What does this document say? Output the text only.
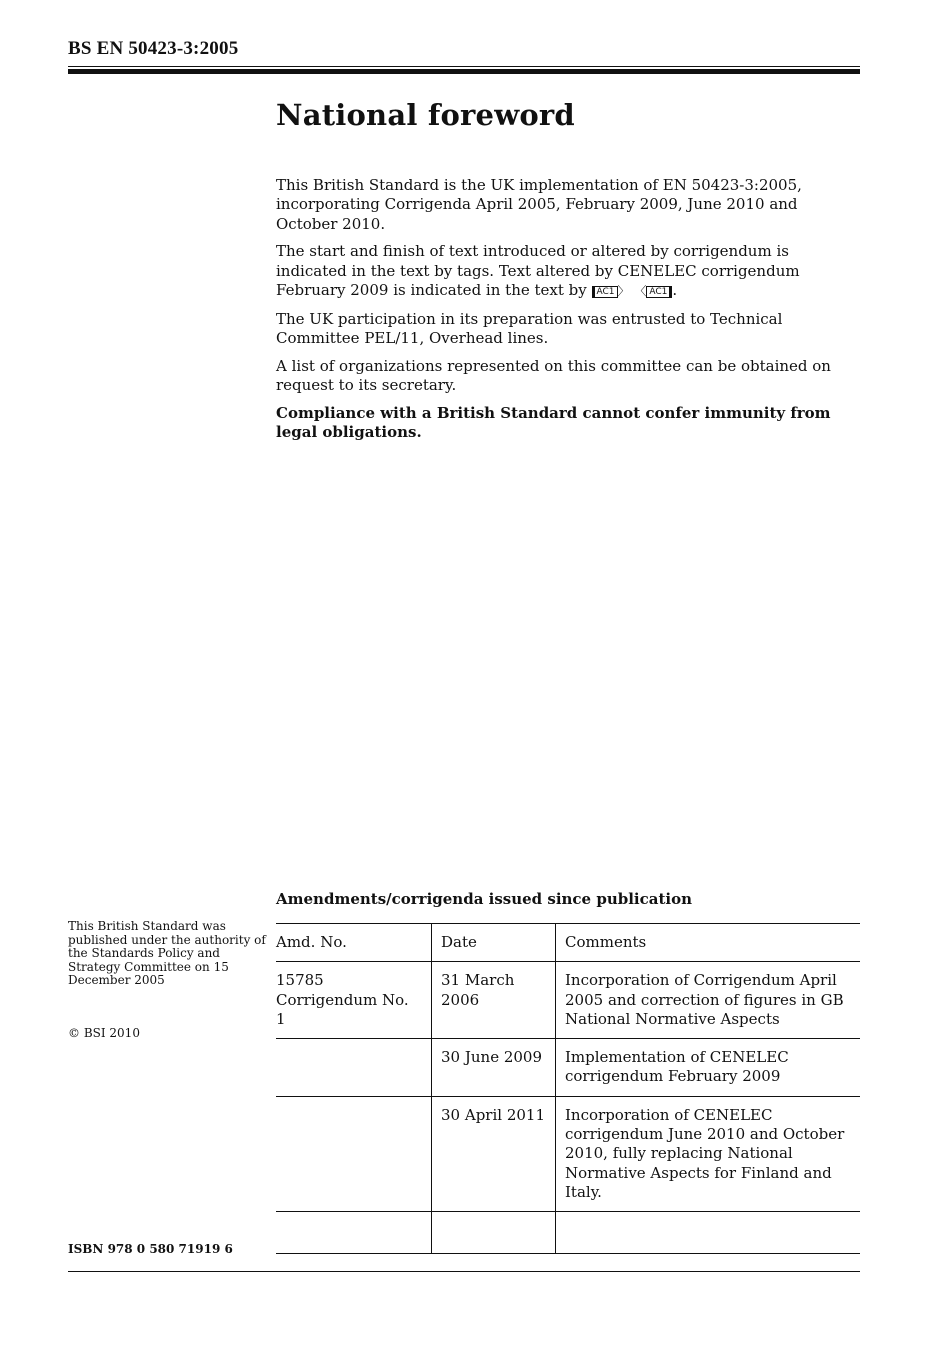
BS EN 50423-3:2005
National foreword

This British Standard is the UK implementation of EN 50423-3:2005, incorporating Corrigenda April 2005, February 2009, June 2010 and October 2010.

The start and finish of text introduced or altered by corrigendum is indicated in the text by tags. Text altered by CENELEC corrigendum February 2009 is indicated in the text by AC1 〉 〈 AC1 .

The UK participation in its preparation was entrusted to Technical Committee PEL/11, Overhead lines.

A list of organizations represented on this committee can be obtained on request to its secretary.

Compliance with a British Standard cannot confer immunity from legal obligations.

Amendments/corrigenda issued since publication
Amd. No.	Date	Comments
15785 Corrigendum No. 1	31 March 2006	Incorporation of Corrigendum April 2005 and correction of figures in GB National Normative Aspects
	30 June 2009	Implementation of CENELEC corrigendum February 2009
	30 April 2011	Incorporation of CENELEC corrigendum June 2010 and October 2010, fully replacing National Normative Aspects for Finland and Italy.

This British Standard was published under the authority of the Standards Policy and Strategy Committee on 15 December 2005
© BSI 2010
ISBN 978 0 580 71919 6
